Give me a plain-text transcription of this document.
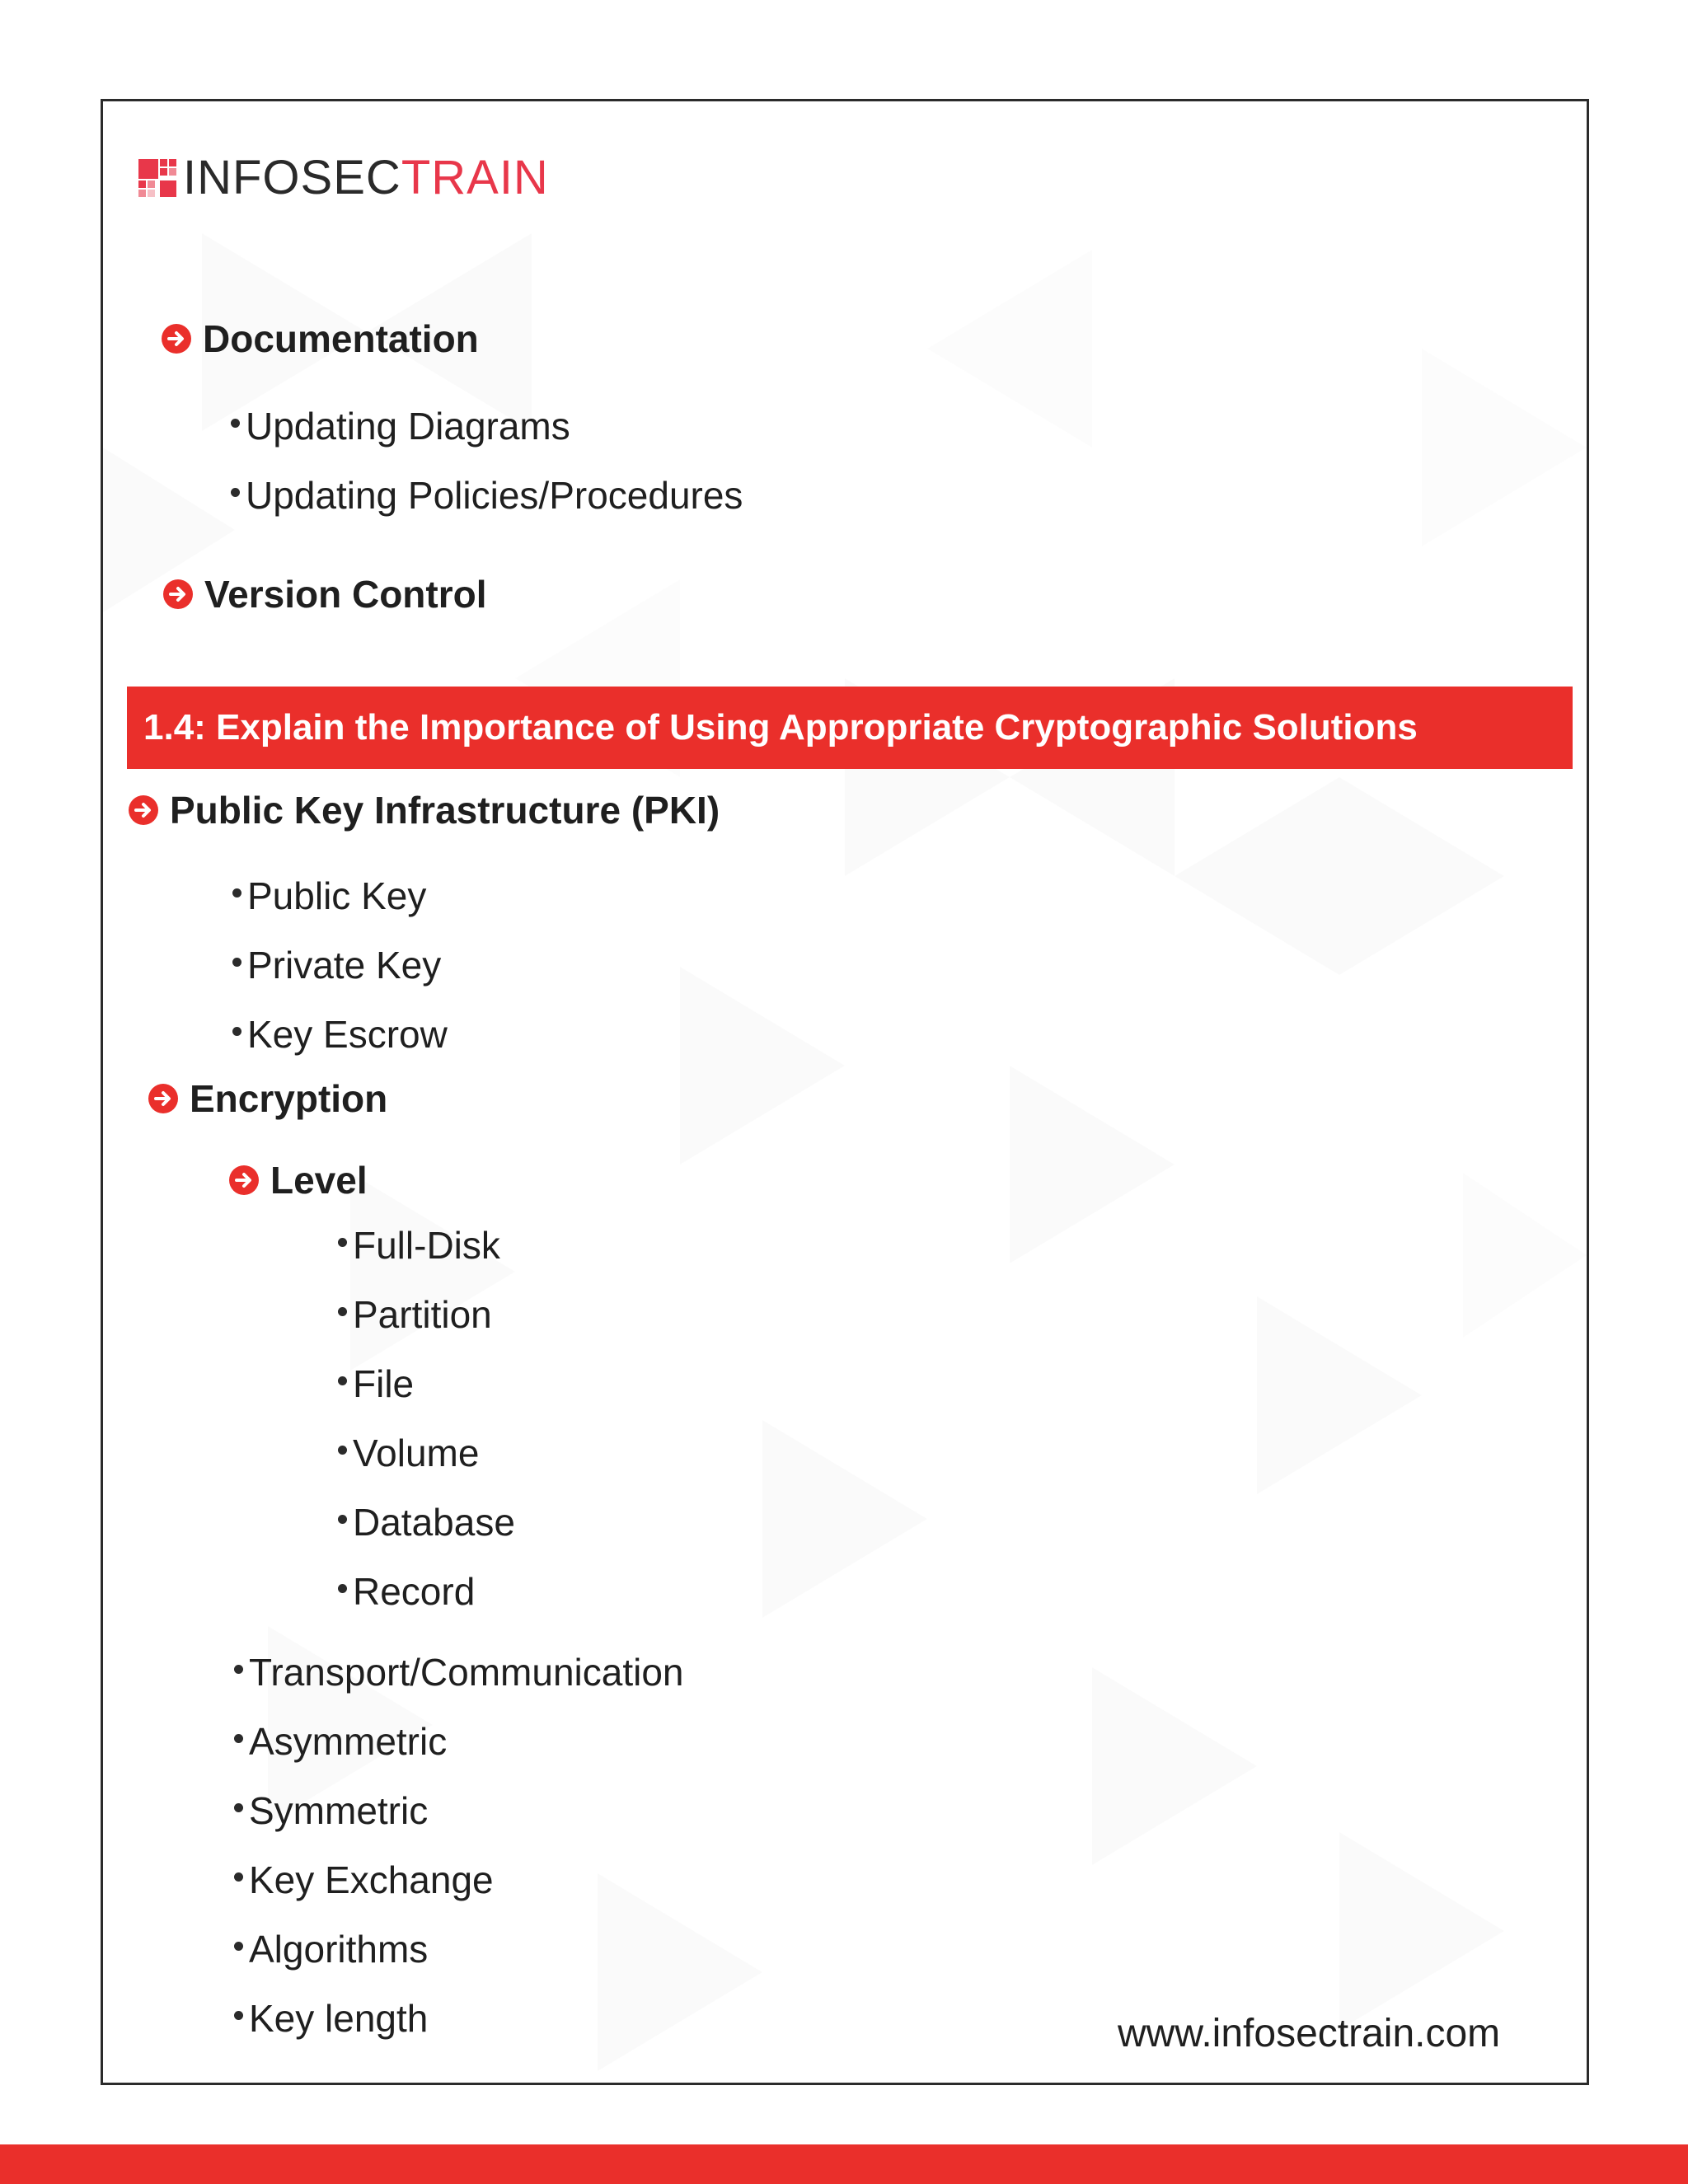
INFOSECTRAIN
Documentation
Updating Diagrams
Updating Policies/Procedures
Version Control
1.4: Explain the Importance of Using Appropriate Cryptographic Solutions
Public Key Infrastructure (PKI)
Public Key
Private Key
Key Escrow
Encryption
Level
Full-Disk
Partition
File
Volume
Database
Record
Transport/Communication
Asymmetric
Symmetric
Key Exchange
Algorithms
Key length	www.infosectrain.com
